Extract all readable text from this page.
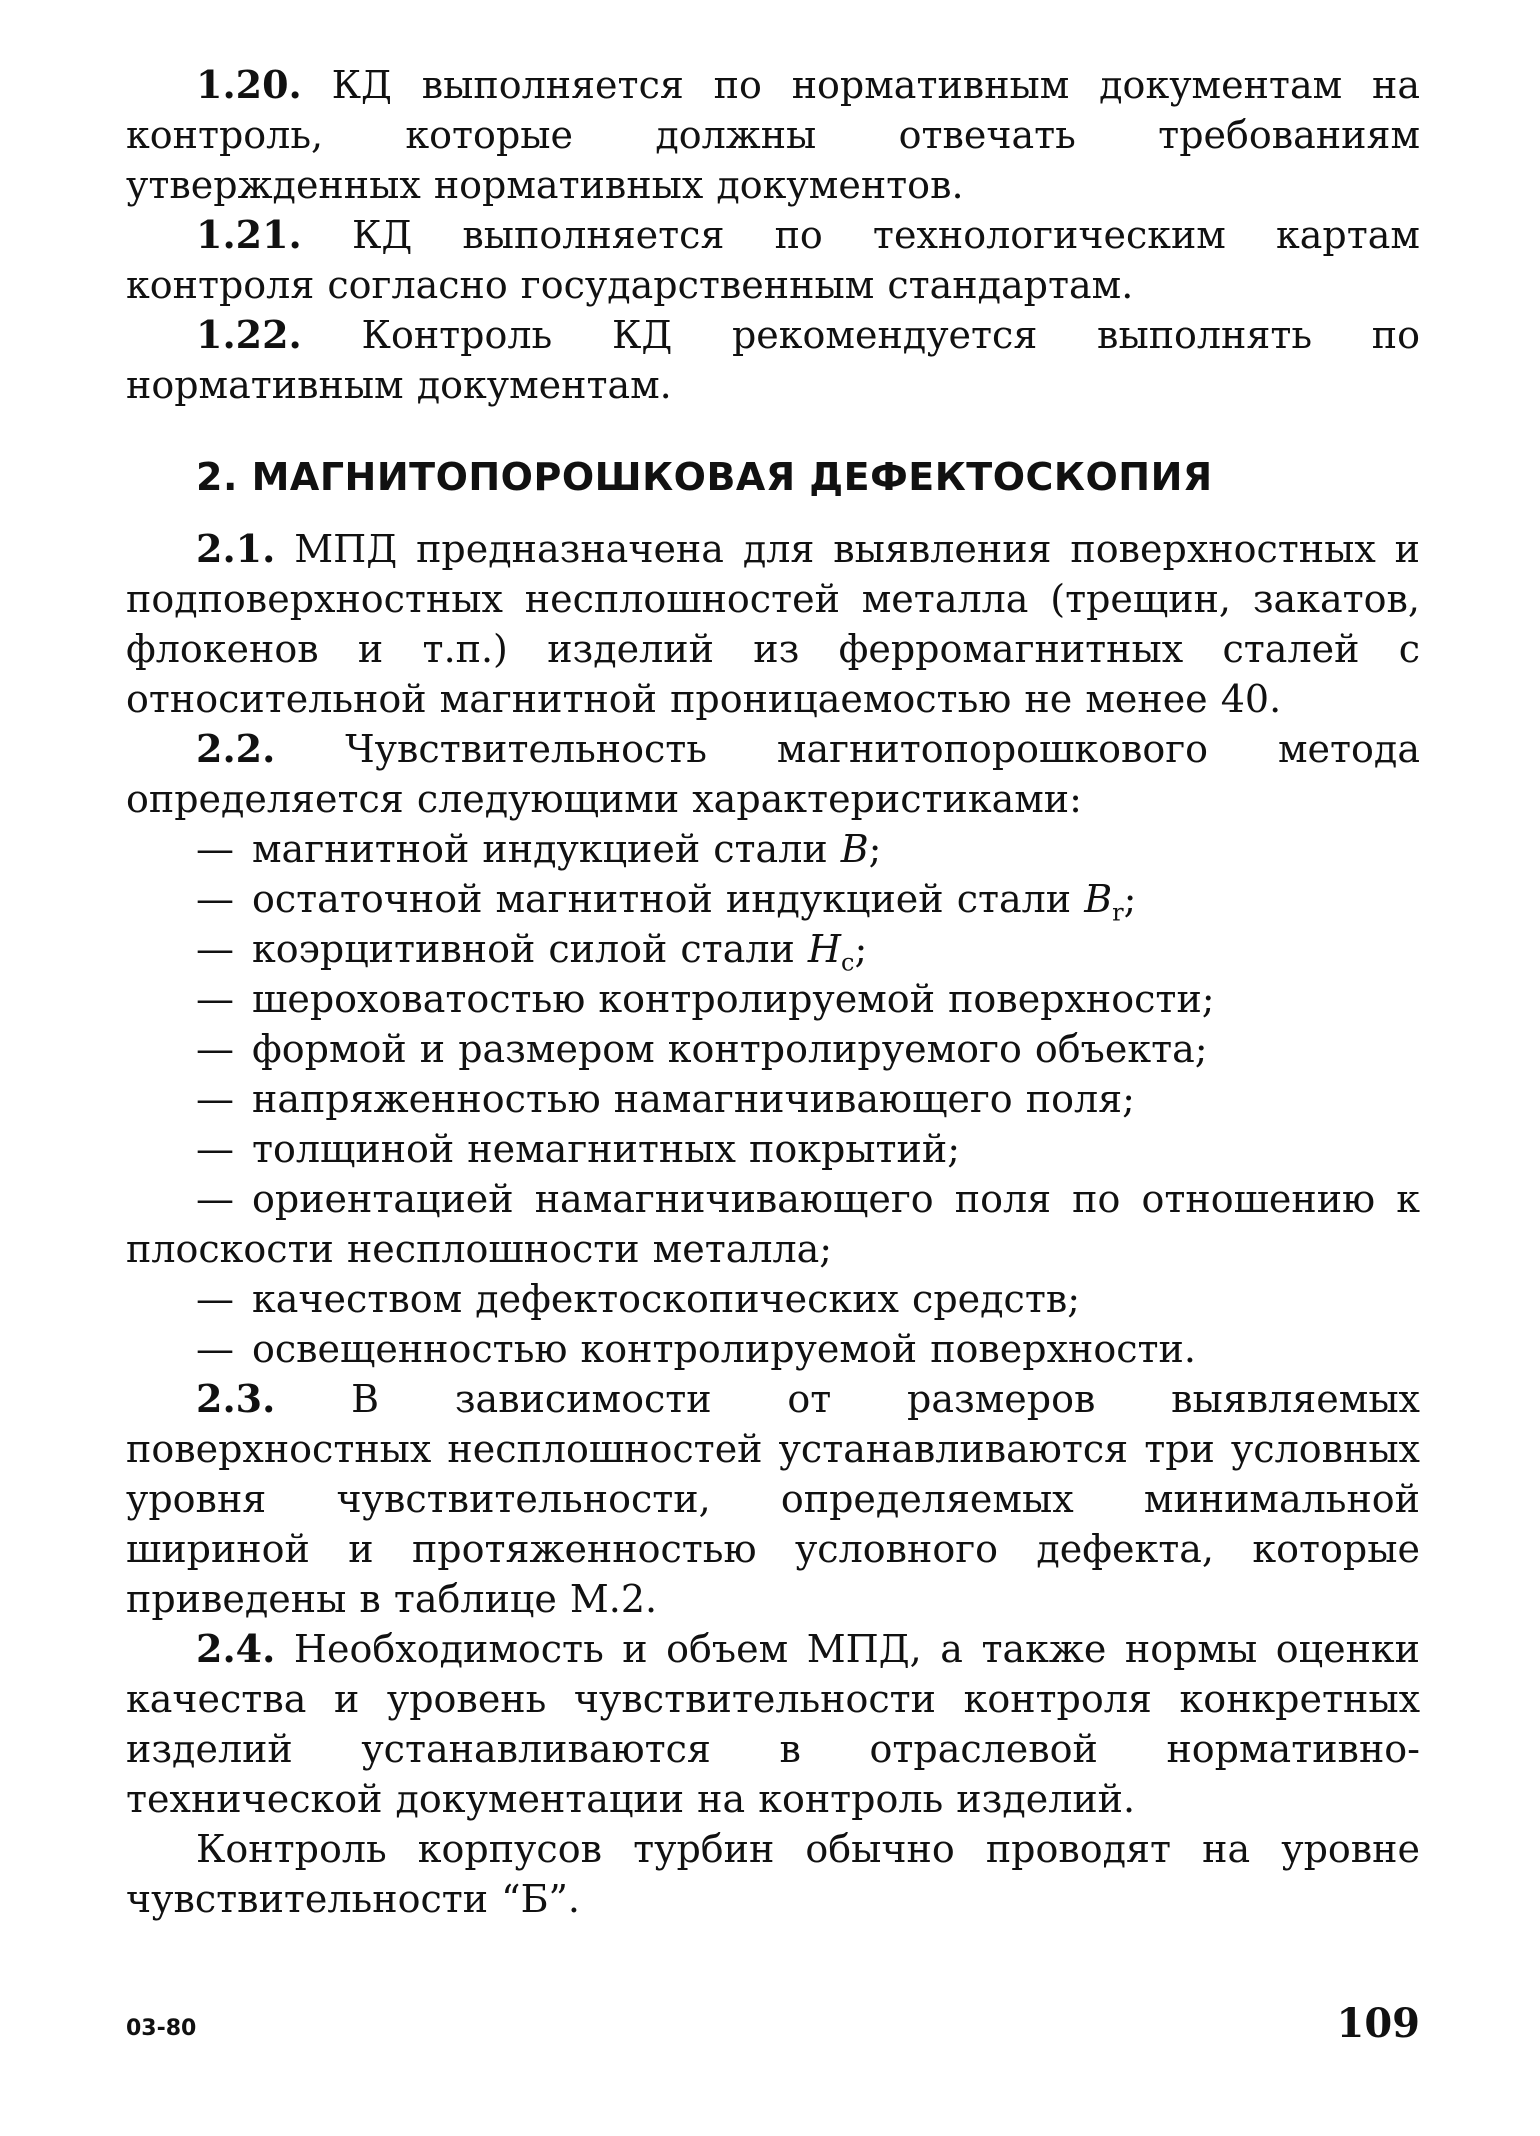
1.20. КД выполняется по нормативным документам на контроль, которые должны отвечать требованиям утвержденных нормативных документов.

1.21. КД выполняется по технологическим картам контроля согласно государственным стандартам.

1.22. Контроль КД рекомендуется выполнять по нормативным документам.

2. МАГНИТОПОРОШКОВАЯ ДЕФЕКТОСКОПИЯ

2.1. МПД предназначена для выявления поверхностных и подповерхностных несплошностей металла (трещин, закатов, флокенов и т.п.) изделий из ферромагнитных сталей с относительной магнитной проницаемостью не менее 40.

2.2. Чувствительность магнитопорошкового метода определяется следующими характеристиками:

— магнитной индукцией стали B;

— остаточной магнитной индукцией стали $B_r$;

— коэрцитивной силой стали $H_c$;

— шероховатостью контролируемой поверхности;

— формой и размером контролируемого объекта;

— напряженностью намагничивающего поля;

— толщиной немагнитных покрытий;

— ориентацией намагничивающего поля по отношению к плоскости несплошности металла;

— качеством дефектоскопических средств;

— освещенностью контролируемой поверхности.

2.3. В зависимости от размеров выявляемых поверхностных несплошностей устанавливаются три условных уровня чувствительности, определяемых минимальной шириной и протяженностью условного дефекта, которые приведены в таблице М.2.

2.4. Необходимость и объем МПД, а также нормы оценки качества и уровень чувствительности контроля конкретных изделий устанавливаются в отраслевой нормативно-технической документации на контроль изделий.

Контроль корпусов турбин обычно проводят на уровне чувствительности “Б”.

03-80	109
